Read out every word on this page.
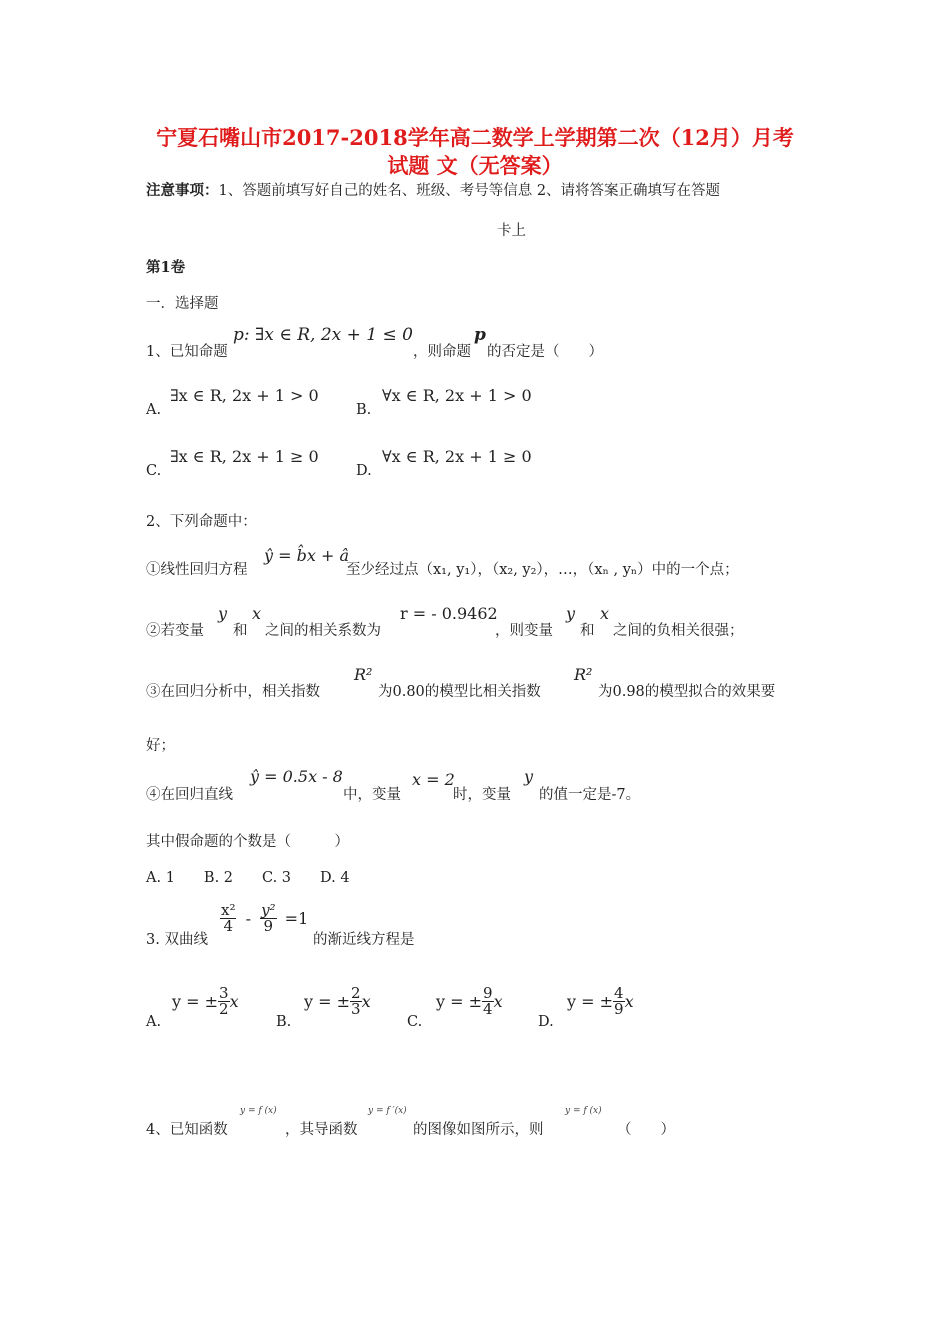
宁夏石嘴山市2017-2018学年高二数学上学期第二次（12月）月考
试题 文（无答案）
注意事项：1、答题前填写好自己的姓名、班级、考号等信息 2、请将答案正确填写在答题
卡上
第1卷
一．选择题
1、已知命题
p: ∃x ∈ R, 2x + 1 ≤ 0
，则命题
p
的否定是（　　）
A.
∃x ∈ R, 2x + 1 > 0
B.
∀x ∈ R, 2x + 1 > 0
C.
∃x ∈ R, 2x + 1 ≥ 0
D.
∀x ∈ R, 2x + 1 ≥ 0
2、下列命题中：
①线性回归方程
ŷ = b̂x + â
至少经过点（x₁, y₁），（x₂, y₂），…，（xₙ , yₙ）中的一个点；
②若变量
y
和
x
之间的相关系数为
r = - 0.9462
，则变量
y
和
x
之间的负相关很强；
③在回归分析中，相关指数
R²
为0.80的模型比相关指数
R²
为0.98的模型拟合的效果要
好；
④在回归直线
ŷ = 0.5x - 8
中，变量
x = 2
时，变量
y
的值一定是-7。
其中假命题的个数是（　　　）
A. 1　　B. 2　　C. 3　　D. 4
3. 双曲线
$\frac{\text{x²}}{4} - \frac{\text{y²}}{9} =1$
的渐近线方程是
A.
y = ± $\frac{3}{2}$ x
B.
y = ± $\frac{2}{3}$ x
C.
y = ± $\frac{9}{4}$ x
D.
y = ± $\frac{4}{9}$ x
4、已知函数
y = f (x)
，其导函数
y = f ′(x)
的图像如图所示，则
y = f (x)
（　　）
